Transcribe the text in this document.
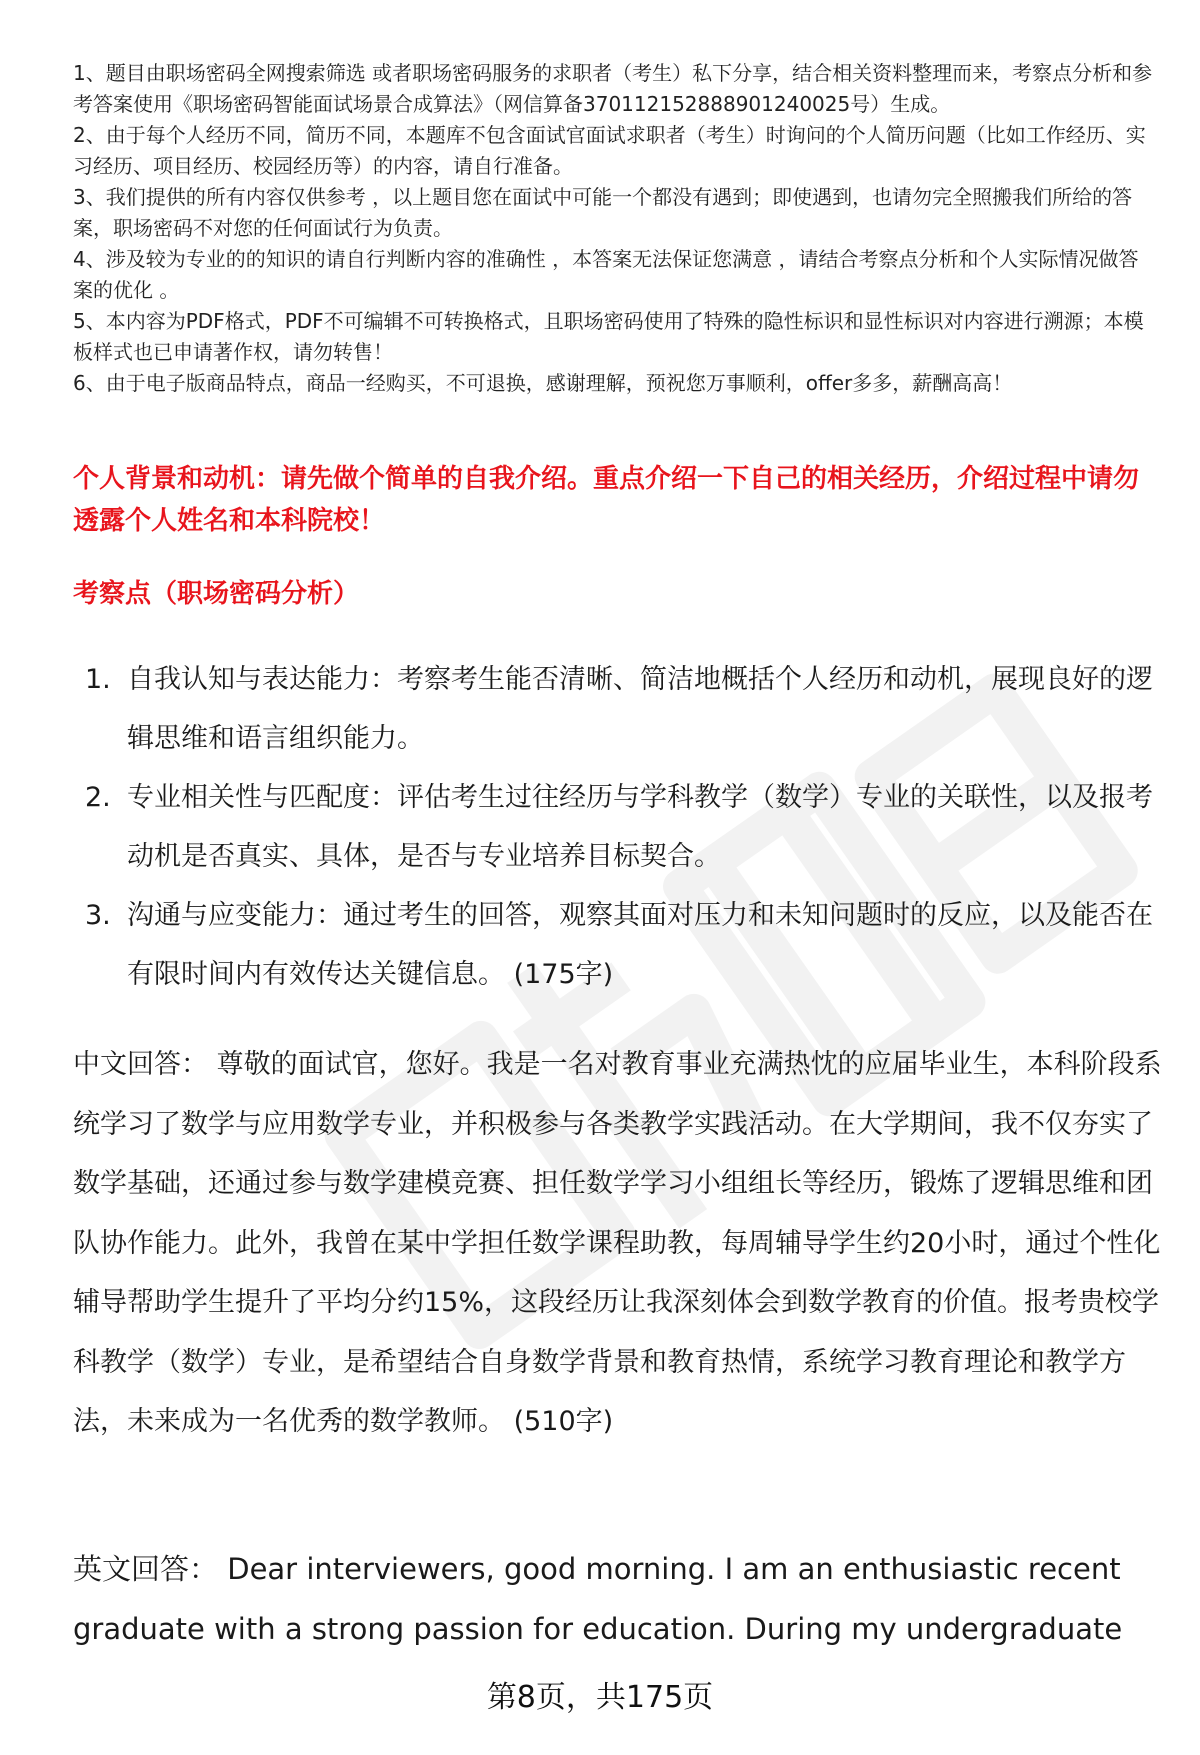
1、题目由职场密码全网搜索筛选 或者职场密码服务的求职者（考生）私下分享，结合相关资料整理而来，考察点分析和参考答案使用《职场密码智能面试场景合成算法》（网信算备370112152888901240025号）生成。

2、由于每个人经历不同，简历不同，本题库不包含面试官面试求职者（考生）时询问的个人简历问题（比如工作经历、实习经历、项目经历、校园经历等）的内容，请自行准备。

3、我们提供的所有内容仅供参考 ，以上题目您在面试中可能一个都没有遇到；即使遇到，也请勿完全照搬我们所给的答案，职场密码不对您的任何面试行为负责。

4、涉及较为专业的的知识的请自行判断内容的准确性 ，本答案无法保证您满意 ，请结合考察点分析和个人实际情况做答案的优化 。

5、本内容为PDF格式，PDF不可编辑不可转换格式，且职场密码使用了特殊的隐性标识和显性标识对内容进行溯源；本模板样式也已申请著作权，请勿转售！

6、由于电子版商品特点，商品一经购买，不可退换，感谢理解，预祝您万事顺利，offer多多，薪酬高高！

个人背景和动机：请先做个简单的自我介绍。重点介绍一下自己的相关经历，介绍过程中请勿透露个人姓名和本科院校！
考察点（职场密码分析）
1. 自我认知与表达能力：考察考生能否清晰、简洁地概括个人经历和动机，展现良好的逻辑思维和语言组织能力。
2. 专业相关性与匹配度：评估考生过往经历与学科教学（数学）专业的关联性，以及报考动机是否真实、具体，是否与专业培养目标契合。
3. 沟通与应变能力：通过考生的回答，观察其面对压力和未知问题时的反应，以及能否在有限时间内有效传达关键信息。 (175字)

中文回答： 尊敬的面试官，您好。我是一名对教育事业充满热忱的应届毕业生，本科阶段系统学习了数学与应用数学专业，并积极参与各类教学实践活动。在大学期间，我不仅夯实了数学基础，还通过参与数学建模竞赛、担任数学学习小组组长等经历，锻炼了逻辑思维和团队协作能力。此外，我曾在某中学担任数学课程助教，每周辅导学生约20小时，通过个性化辅导帮助学生提升了平均分约15%，这段经历让我深刻体会到数学教育的价值。报考贵校学科教学（数学）专业，是希望结合自身数学背景和教育热情，系统学习教育理论和教学方法，未来成为一名优秀的数学教师。 (510字)

英文回答： Dear interviewers, good morning. I am an enthusiastic recent graduate with a strong passion for education. During my undergraduate

第8页，共175页
